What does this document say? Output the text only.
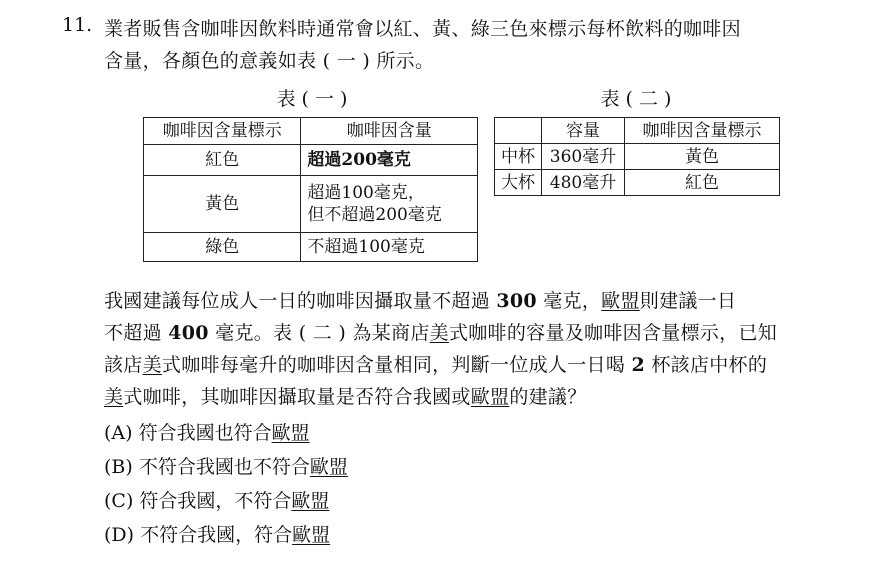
11. 業者販售含咖啡因飲料時通常會以紅、黃、綠三色來標示每杯飲料的咖啡因
含量，各顏色的意義如表 ( 一 ) 所示。
表 ( 一 )
咖啡因含量標示	咖啡因含量
紅色	超過200毫克
黃色	超過100毫克，
但不超過200毫克

綠色	不超過100毫克
表 ( 二 )
	容量	咖啡因含量標示
中杯	360毫升	黃色
大杯	480毫升	紅色
我國建議每位成人一日的咖啡因攝取量不超過 300 毫克，歐盟則建議一日
不超過 400 毫克。表 ( 二 ) 為某商店美式咖啡的容量及咖啡因含量標示，已知
該店美式咖啡每毫升的咖啡因含量相同，判斷一位成人一日喝 2 杯該店中杯的
美式咖啡，其咖啡因攝取量是否符合我國或歐盟的建議？
(A) 符合我國也符合歐盟
(B) 不符合我國也不符合歐盟
(C) 符合我國，不符合歐盟
(D) 不符合我國，符合歐盟
